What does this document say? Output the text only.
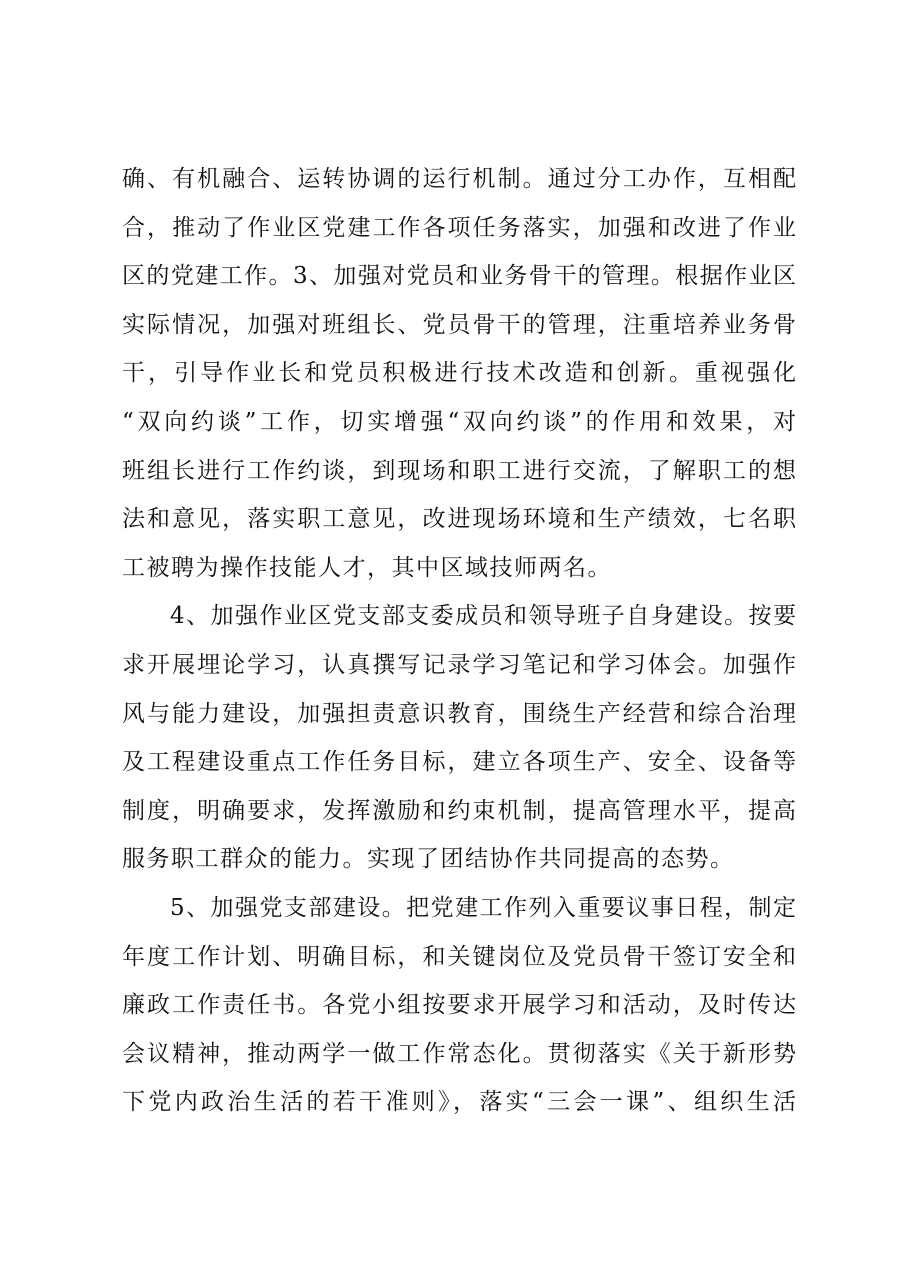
确、有机融合、运转协调的运行机制。通过分工办作，互相配
合，推动了作业区党建工作各项任务落实，加强和改进了作业
区的党建工作。3、加强对党员和业务骨干的管理。根据作业区
实际情况，加强对班组长、党员骨干的管理，注重培养业务骨
干，引导作业长和党员积极进行技术改造和创新。重视强化
“双向约谈”工作，切实增强“双向约谈”的作用和效果，对
班组长进行工作约谈，到现场和职工进行交流，了解职工的想
法和意见，落实职工意见，改进现场环境和生产绩效，七名职
工被聘为操作技能人才，其中区域技师两名。
4、加强作业区党支部支委成员和领导班子自身建设。按要
求开展埋论学习，认真撰写记录学习笔记和学习体会。加强作
风与能力建设，加强担责意识教育，围绕生产经营和综合治理
及工程建设重点工作任务目标，建立各项生产、安全、设备等
制度，明确要求，发挥激励和约束机制，提高管理水平，提高
服务职工群众的能力。实现了团结协作共同提高的态势。
5、加强党支部建设。把党建工作列入重要议事日程，制定
年度工作计划、明确目标，和关键岗位及党员骨干签订安全和
廉政工作责任书。各党小组按要求开展学习和活动，及时传达
会议精神，推动两学一做工作常态化。贯彻落实《关于新形势
下党内政治生活的若干准则》，落实“三会一课”、组织生活
